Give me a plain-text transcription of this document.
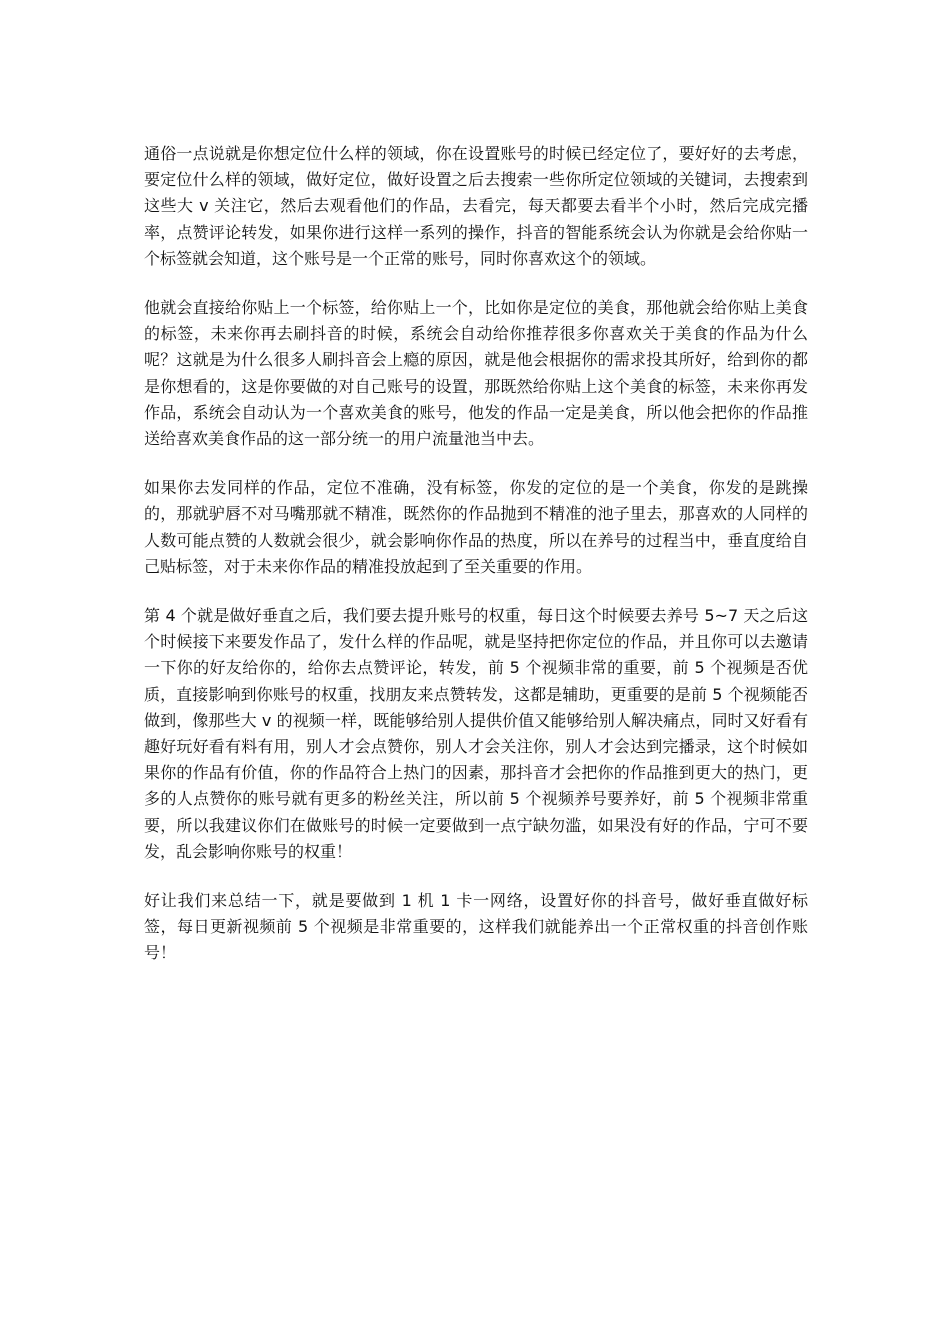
通俗一点说就是你想定位什么样的领域，你在设置账号的时候已经定位了，要好好的去考虑，要定位什么样的领域，做好定位，做好设置之后去搜索一些你所定位领域的关键词，去搜索到这些大 v 关注它，然后去观看他们的作品，去看完，每天都要去看半个小时，然后完成完播率，点赞评论转发，如果你进行这样一系列的操作，抖音的智能系统会认为你就是会给你贴一个标签就会知道，这个账号是一个正常的账号，同时你喜欢这个的领域。

他就会直接给你贴上一个标签，给你贴上一个，比如你是定位的美食，那他就会给你贴上美食的标签，未来你再去刷抖音的时候，系统会自动给你推荐很多你喜欢关于美食的作品为什么呢？这就是为什么很多人刷抖音会上瘾的原因，就是他会根据你的需求投其所好，给到你的都是你想看的，这是你要做的对自己账号的设置，那既然给你贴上这个美食的标签，未来你再发作品，系统会自动认为一个喜欢美食的账号，他发的作品一定是美食，所以他会把你的作品推送给喜欢美食作品的这一部分统一的用户流量池当中去。

如果你去发同样的作品，定位不准确，没有标签，你发的定位的是一个美食，你发的是跳操的，那就驴唇不对马嘴那就不精准，既然你的作品抛到不精准的池子里去，那喜欢的人同样的人数可能点赞的人数就会很少，就会影响你作品的热度，所以在养号的过程当中，垂直度给自己贴标签，对于未来你作品的精准投放起到了至关重要的作用。

第 4 个就是做好垂直之后，我们要去提升账号的权重，每日这个时候要去养号 5~7 天之后这个时候接下来要发作品了，发什么样的作品呢，就是坚持把你定位的作品，并且你可以去邀请一下你的好友给你的，给你去点赞评论，转发，前 5 个视频非常的重要，前 5 个视频是否优质，直接影响到你账号的权重，找朋友来点赞转发，这都是辅助，更重要的是前 5 个视频能否做到，像那些大 v 的视频一样，既能够给别人提供价值又能够给别人解决痛点，同时又好看有趣好玩好看有料有用，别人才会点赞你，别人才会关注你，别人才会达到完播录，这个时候如果你的作品有价值，你的作品符合上热门的因素，那抖音才会把你的作品推到更大的热门，更多的人点赞你的账号就有更多的粉丝关注，所以前 5 个视频养号要养好，前 5 个视频非常重要，所以我建议你们在做账号的时候一定要做到一点宁缺勿滥，如果没有好的作品，宁可不要发，乱会影响你账号的权重！

好让我们来总结一下，就是要做到 1 机 1 卡一网络，设置好你的抖音号，做好垂直做好标签，每日更新视频前 5 个视频是非常重要的，这样我们就能养出一个正常权重的抖音创作账号！
